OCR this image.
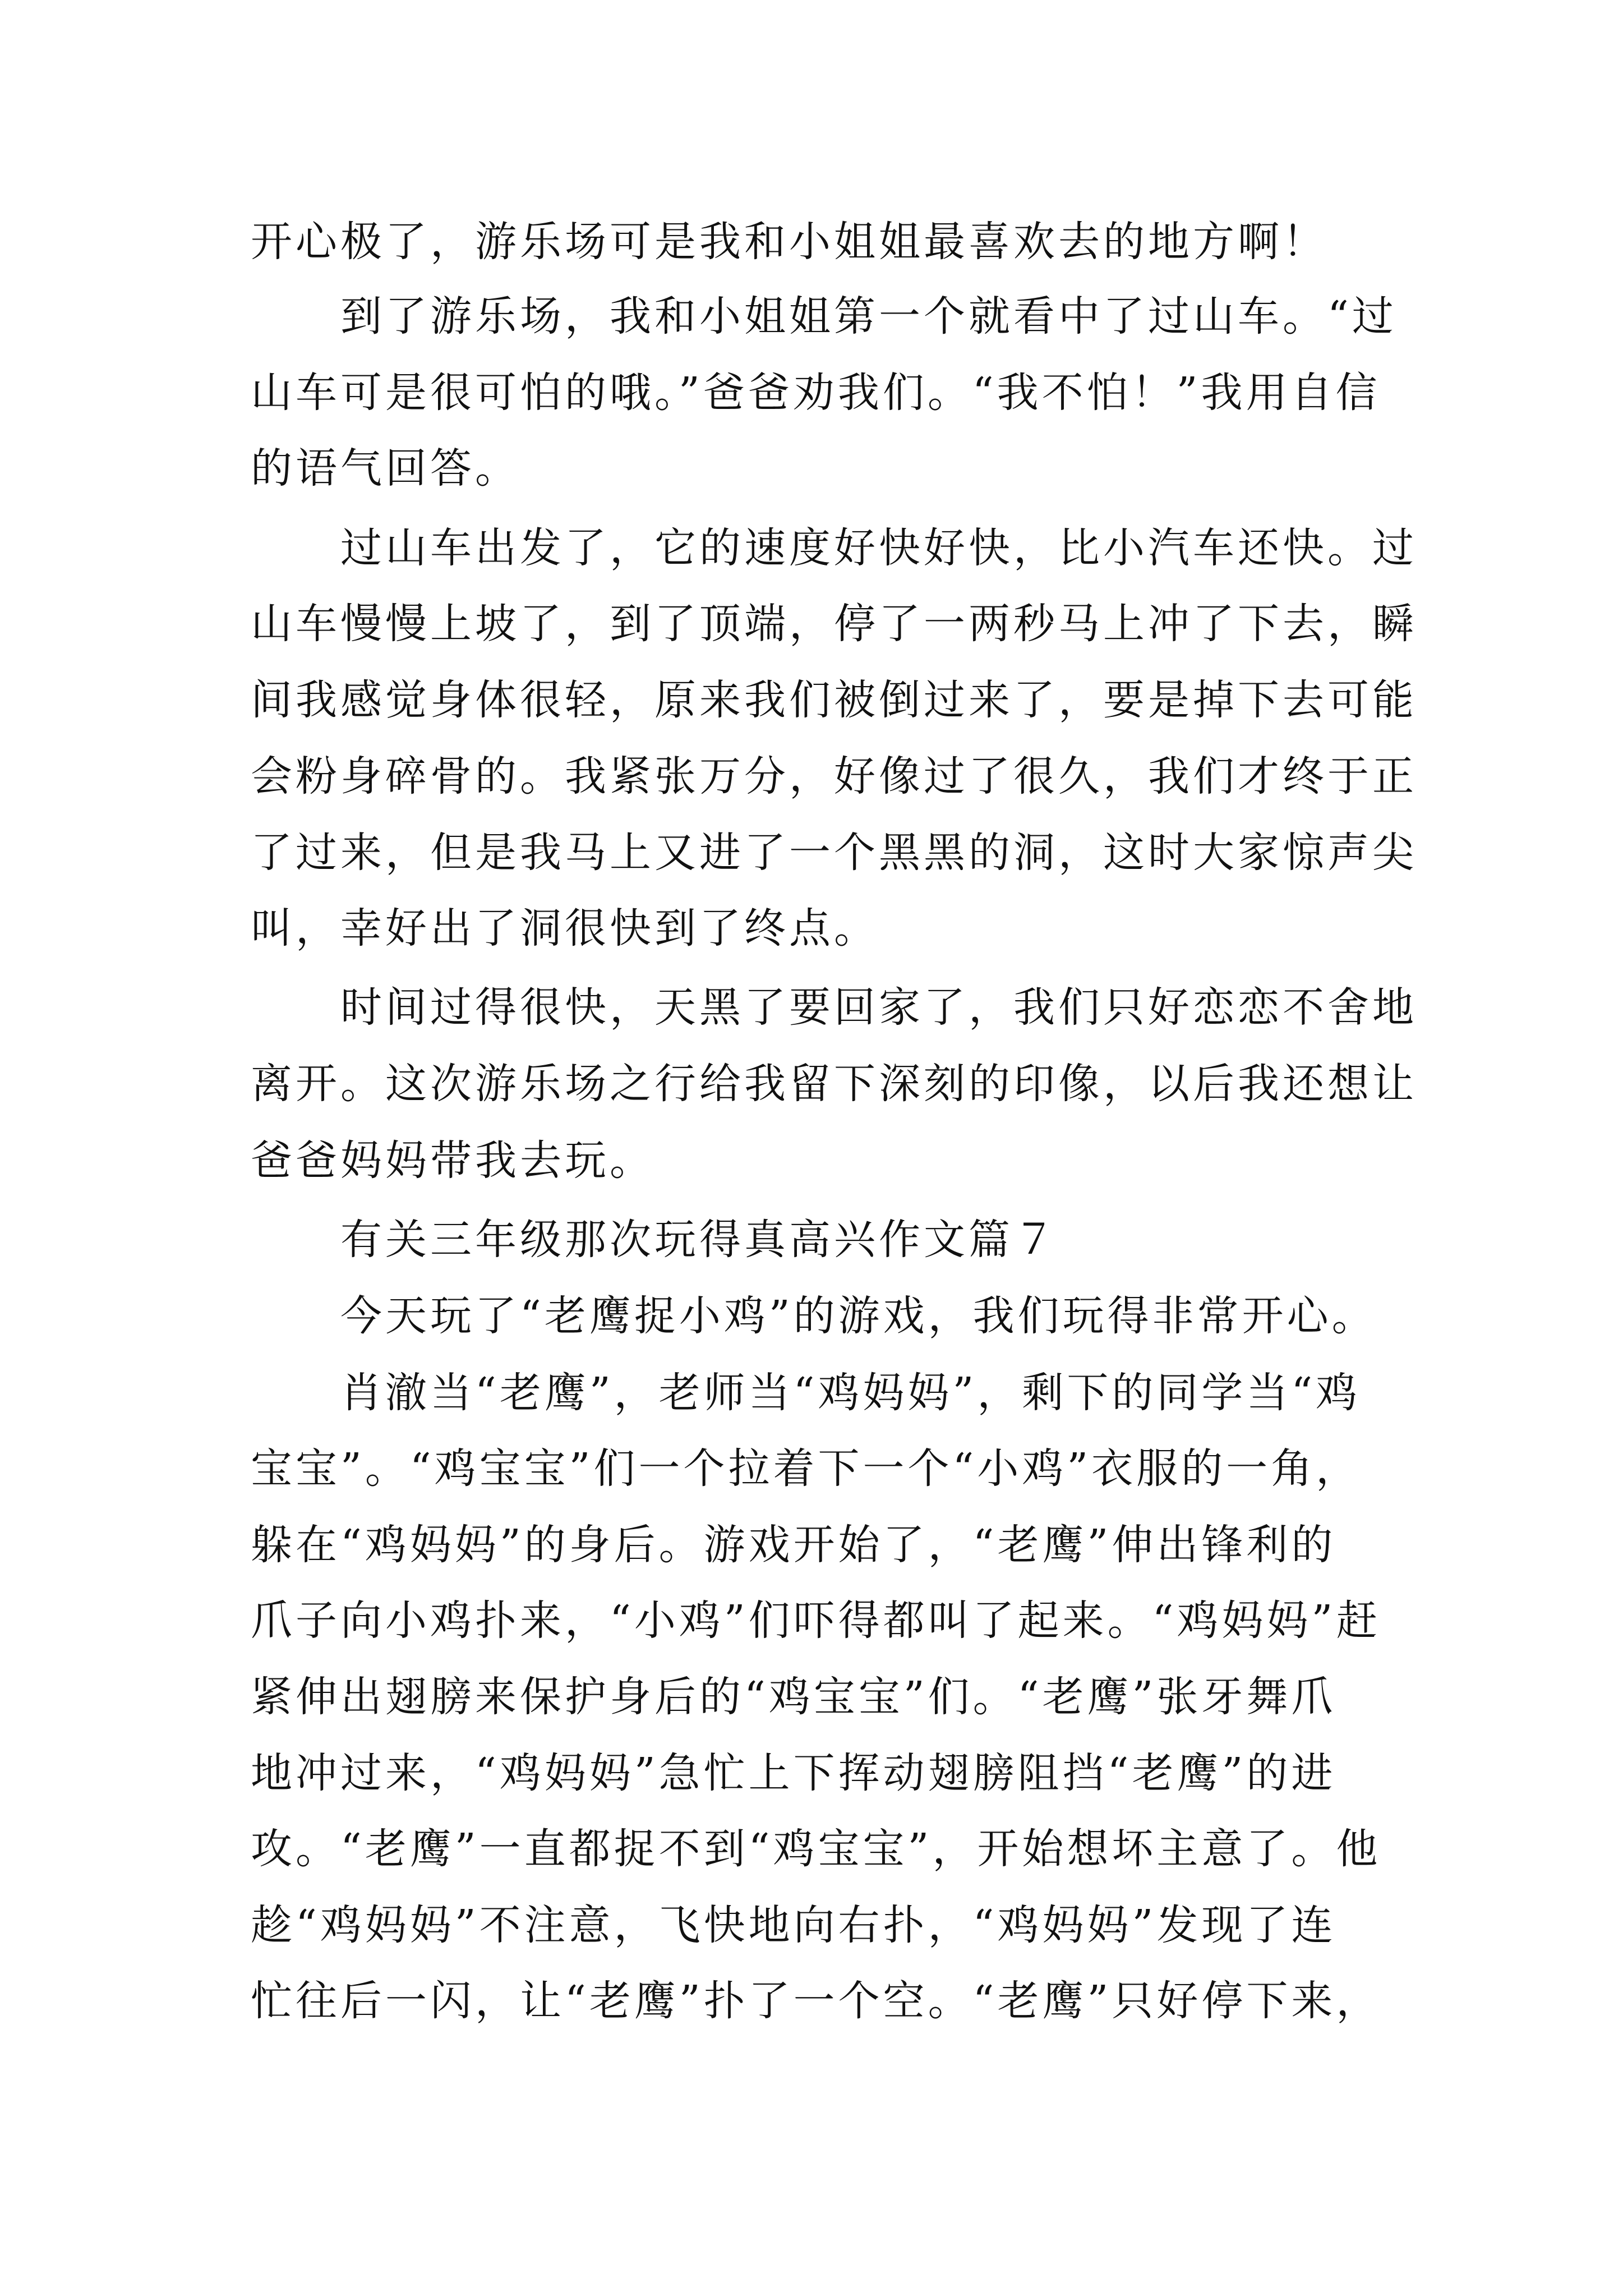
开心极了，游乐场可是我和小姐姐最喜欢去的地方啊！
　　到了游乐场，我和小姐姐第一个就看中了过山车。“过
山车可是很可怕的哦。”爸爸劝我们。“我不怕！”我用自信
的语气回答。
　　过山车出发了，它的速度好快好快，比小汽车还快。过
山车慢慢上坡了，到了顶端，停了一两秒马上冲了下去，瞬
间我感觉身体很轻，原来我们被倒过来了，要是掉下去可能
会粉身碎骨的。我紧张万分，好像过了很久，我们才终于正
了过来，但是我马上又进了一个黑黑的洞，这时大家惊声尖
叫，幸好出了洞很快到了终点。
　　时间过得很快，天黑了要回家了，我们只好恋恋不舍地
离开。这次游乐场之行给我留下深刻的印像，以后我还想让
爸爸妈妈带我去玩。
　　有关三年级那次玩得真高兴作文篇７
　　今天玩了“老鹰捉小鸡”的游戏，我们玩得非常开心。
　　肖澈当“老鹰”，老师当“鸡妈妈”，剩下的同学当“鸡
宝宝”。“鸡宝宝”们一个拉着下一个“小鸡”衣服的一角，
躲在“鸡妈妈”的身后。游戏开始了，“老鹰”伸出锋利的
爪子向小鸡扑来，“小鸡”们吓得都叫了起来。“鸡妈妈”赶
紧伸出翅膀来保护身后的“鸡宝宝”们。“老鹰”张牙舞爪
地冲过来，“鸡妈妈”急忙上下挥动翅膀阻挡“老鹰”的进
攻。“老鹰”一直都捉不到“鸡宝宝”，开始想坏主意了。他
趁“鸡妈妈”不注意，飞快地向右扑，“鸡妈妈”发现了连
忙往后一闪，让“老鹰”扑了一个空。“老鹰”只好停下来，
